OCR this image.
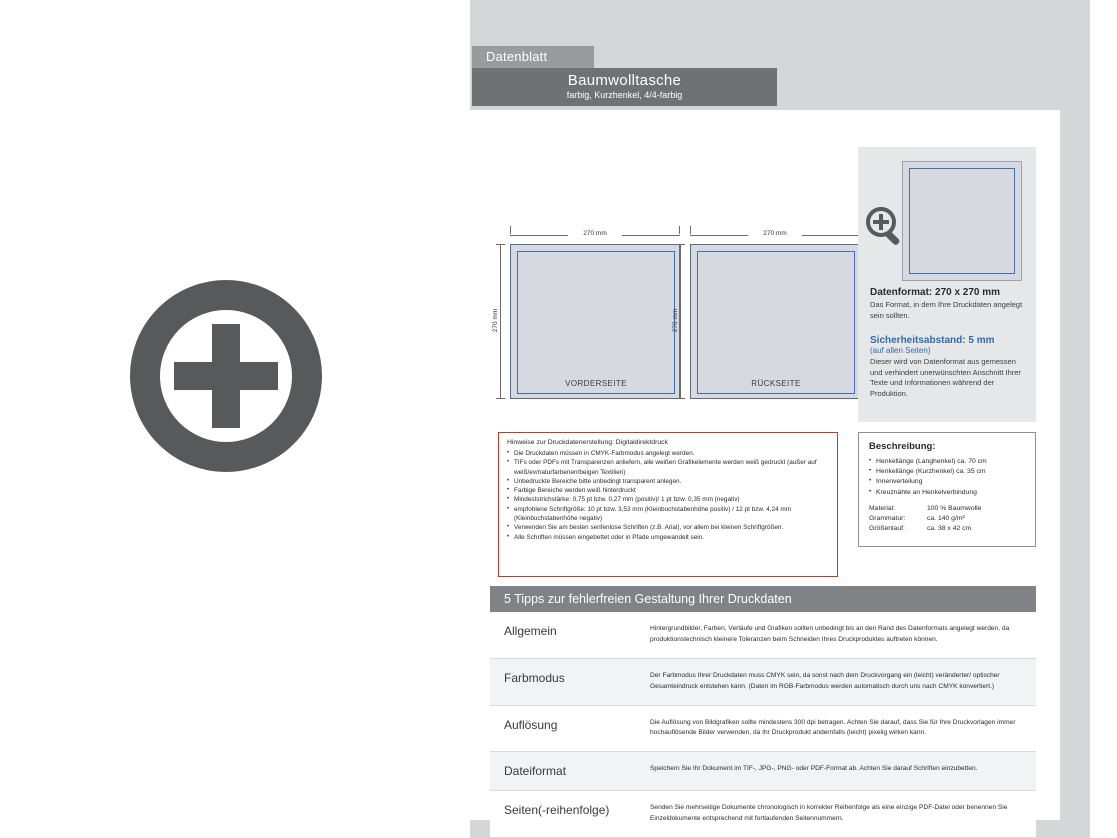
Datenblatt
Baumwolltasche
farbig, Kurzhenkel, 4/4-farbig
270 mm
VORDERSEITE
270 mm
270 mm
RÜCKSEITE
270 mm
Datenformat: 270 x 270 mm
Das Format, in dem Ihre Druckdaten angelegt sein sollten.
Sicherheitsabstand: 5 mm
(auf allen Seiten)
Dieser wird von Datenformat aus gemessen und verhindert unerwünschten Anschnitt Ihrer Texte und Informationen während der Produktion.
Hinweise zur Druckdatenerstellung: Digitaldirektdruck
• Die Druckdaten müssen in CMYK-Farbmodus angelegt werden.
• TIFs oder PDFs mit Transparenzen anliefern, alle weißen Grafikelemente werden weiß gedruckt (außer auf weiß/ev/naturfarbenen/beigen Textilien)
• Unbedruckte Bereiche bitte unbedingt transparent anlegen.
• Farbige Bereiche werden weiß hinterdruckt
• Mindeststrichstärke: 0,75 pt bzw. 0,27 mm (positiv)/ 1 pt bzw. 0,35 mm (negativ)
• empfohlene Schriftgröße: 10 pt bzw. 3,53 mm (Kleinbuchstabenhöhe positiv) / 12 pt bzw. 4,24 mm (Kleinbuchstabenhöhe negativ)
• Verwenden Sie am besten serifenlose Schriften (z.B. Arial), vor allem bei kleinen Schriftgrößen.
• Alle Schriften müssen eingebettet oder in Pfade umgewandelt sein.
Beschreibung:
• Henkellänge (Langhenkel) ca. 70 cm
• Henkellänge (Kurzhenkel) ca. 35 cm
• Innenverteilung
• Kreuznähte an Henkelverbindung
Material:	100 % Baumwolle
Grammatur:	ca. 140 g/m²
Größenlauf:	ca. 38 x 42 cm
5 Tipps zur fehlerfreien Gestaltung Ihrer Druckdaten
Allgemein	Hintergrundbilder, Farben, Verläufe und Grafiken sollten unbedingt bis an den Rand des Datenformats angelegt werden, da produktionstechnisch kleinere Toleranzen beim Schneiden Ihres Druckproduktes auftreten können.
Farbmodus	Der Farbmodus Ihrer Druckdaten muss CMYK sein, da sonst nach dem Druckvorgang ein (leicht) veränderter/ optischer Gesamteindruck entstehen kann. (Daten im RGB-Farbmodus werden automatisch durch uns nach CMYK konvertiert.)
Auflösung	Die Auflösung von Bildgrafiken sollte mindestens 300 dpi betragen. Achten Sie darauf, dass Sie für Ihre Druckvorlagen immer hochauflösende Bilder verwenden, da Ihr Druckprodukt andernfalls (leicht) pixelig wirken kann.
Dateiformat	Speichern Sie Ihr Dokument im TIF-, JPG-, PNG- oder PDF-Format ab. Achten Sie darauf Schriften einzubetten.
Seiten(-reihenfolge)	Senden Sie mehrseitige Dokumente chronologisch in korrekter Reihenfolge als eine einzige PDF-Datei oder benennen Sie Einzeldokumente entsprechend mit fortlaufenden Seitennummern.
